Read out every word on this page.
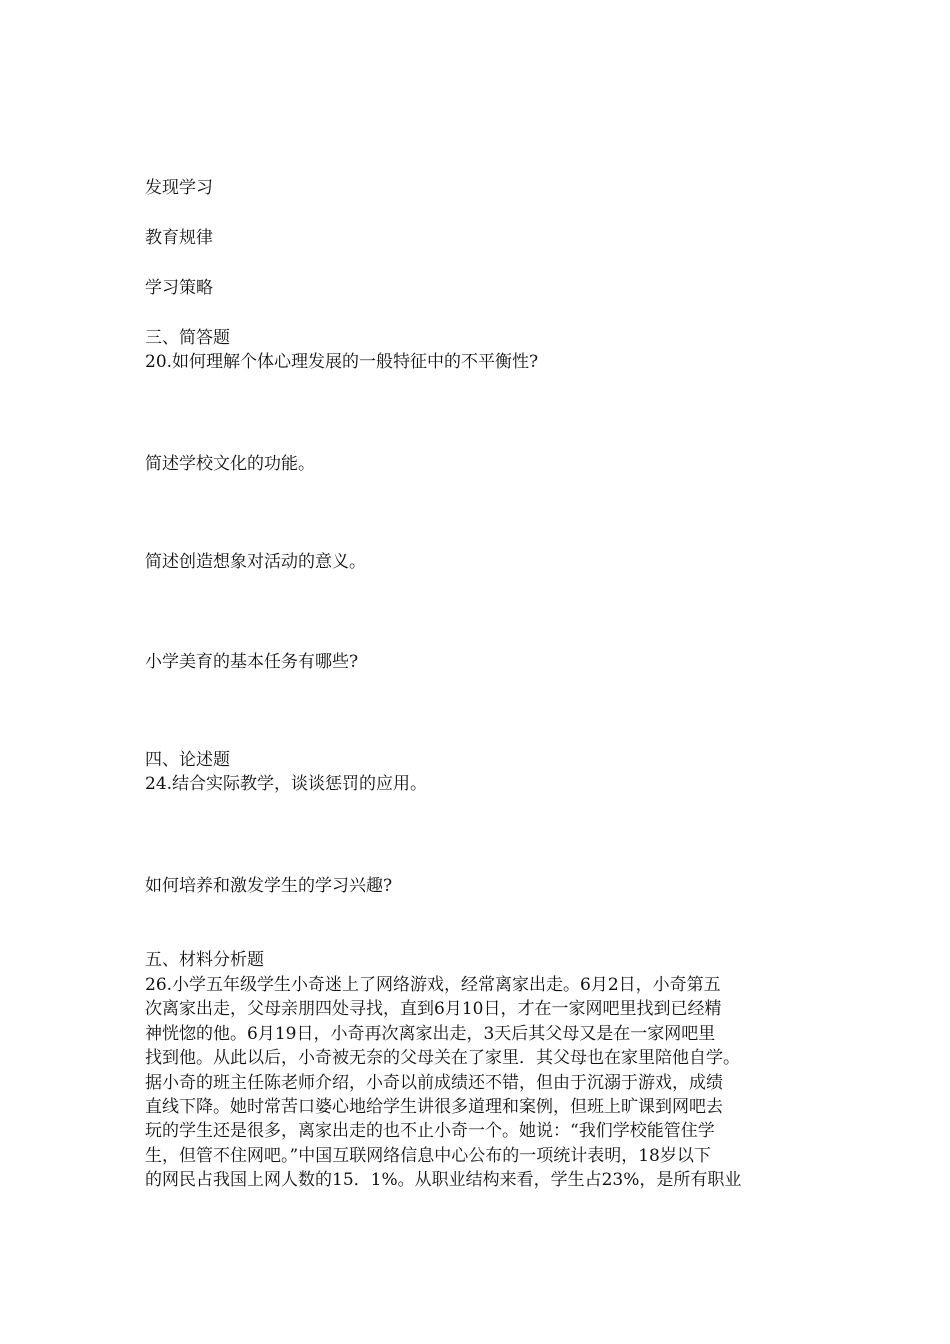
发现学习
教育规律
学习策略
三、简答题
20.如何理解个体心理发展的一般特征中的不平衡性?
简述学校文化的功能。
简述创造想象对活动的意义。
小学美育的基本任务有哪些?
四、论述题
24.结合实际教学，谈谈惩罚的应用。
如何培养和激发学生的学习兴趣?
五、材料分析题
26.小学五年级学生小奇迷上了网络游戏，经常离家出走。6月2日，小奇第五
次离家出走，父母亲朋四处寻找，直到6月10日，才在一家网吧里找到已经精
神恍惚的他。6月19日，小奇再次离家出走，3天后其父母又是在一家网吧里
找到他。从此以后，小奇被无奈的父母关在了家里．其父母也在家里陪他自学。
据小奇的班主任陈老师介绍，小奇以前成绩还不错，但由于沉溺于游戏，成绩
直线下降。她时常苦口婆心地给学生讲很多道理和案例，但班上旷课到网吧去
玩的学生还是很多，离家出走的也不止小奇一个。她说：“我们学校能管住学
生，但管不住网吧。”中国互联网络信息中心公布的一项统计表明，18岁以下
的网民占我国上网人数的15．1%。从职业结构来看，学生占23%，是所有职业
